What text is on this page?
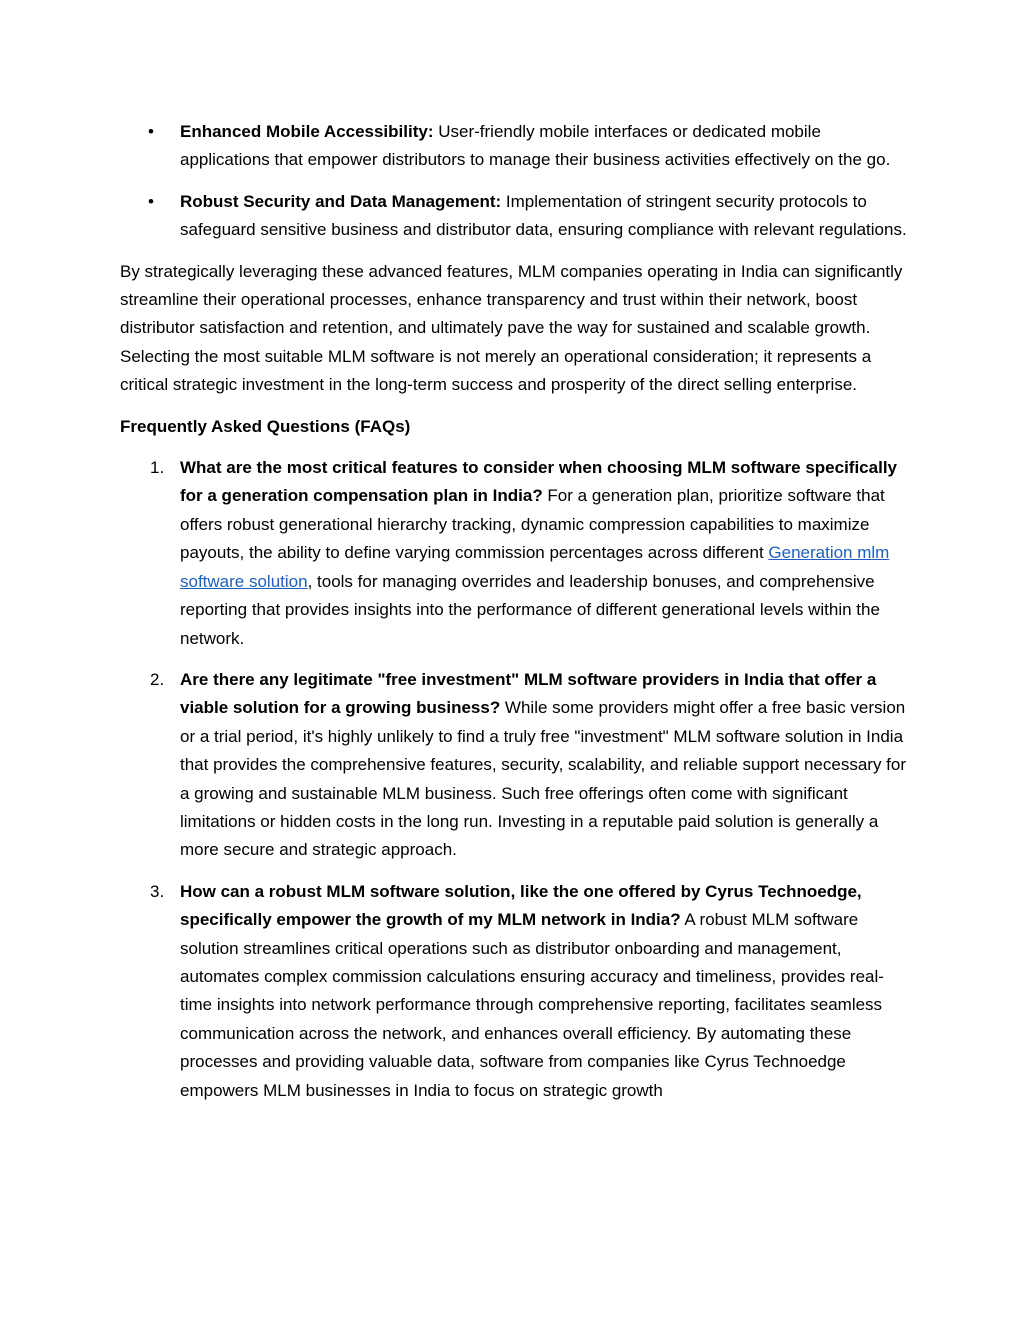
• Enhanced Mobile Accessibility: User-friendly mobile interfaces or dedicated mobile applications that empower distributors to manage their business activities effectively on the go.

• Robust Security and Data Management: Implementation of stringent security protocols to safeguard sensitive business and distributor data, ensuring compliance with relevant regulations.

By strategically leveraging these advanced features, MLM companies operating in India can significantly streamline their operational processes, enhance transparency and trust within their network, boost distributor satisfaction and retention, and ultimately pave the way for sustained and scalable growth. Selecting the most suitable MLM software is not merely an operational consideration; it represents a critical strategic investment in the long-term success and prosperity of the direct selling enterprise.

Frequently Asked Questions (FAQs)

1. What are the most critical features to consider when choosing MLM software specifically for a generation compensation plan in India? For a generation plan, prioritize software that offers robust generational hierarchy tracking, dynamic compression capabilities to maximize payouts, the ability to define varying commission percentages across different Generation mlm software solution, tools for managing overrides and leadership bonuses, and comprehensive reporting that provides insights into the performance of different generational levels within the network.

2. Are there any legitimate "free investment" MLM software providers in India that offer a viable solution for a growing business? While some providers might offer a free basic version or a trial period, it's highly unlikely to find a truly free "investment" MLM software solution in India that provides the comprehensive features, security, scalability, and reliable support necessary for a growing and sustainable MLM business. Such free offerings often come with significant limitations or hidden costs in the long run. Investing in a reputable paid solution is generally a more secure and strategic approach.

3. How can a robust MLM software solution, like the one offered by Cyrus Technoedge, specifically empower the growth of my MLM network in India? A robust MLM software solution streamlines critical operations such as distributor onboarding and management, automates complex commission calculations ensuring accuracy and timeliness, provides real-time insights into network performance through comprehensive reporting, facilitates seamless communication across the network, and enhances overall efficiency. By automating these processes and providing valuable data, software from companies like Cyrus Technoedge empowers MLM businesses in India to focus on strategic growth
